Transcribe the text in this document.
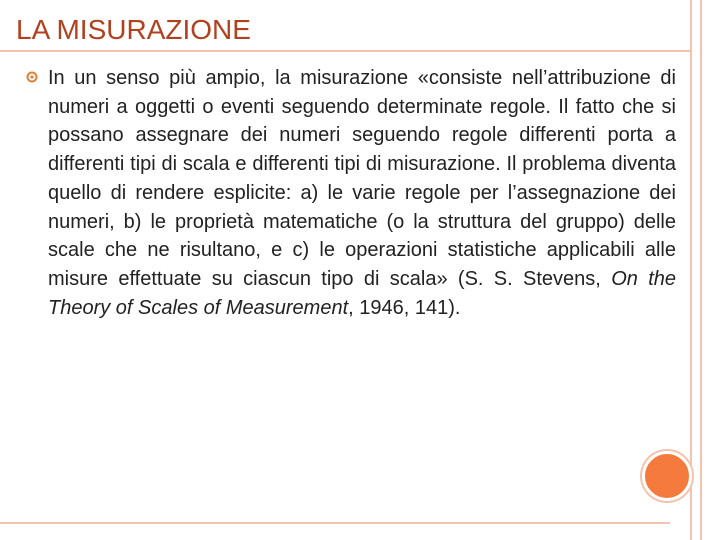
LA MISURAZIONE

In un senso più ampio, la misurazione «consiste nell’attribuzione di numeri a oggetti o eventi seguendo determinate regole. Il fatto che si possano assegnare dei numeri seguendo regole differenti porta a differenti tipi di scala e differenti tipi di misurazione. Il problema diventa quello di rendere esplicite: a) le varie regole per l’assegnazione dei numeri, b) le proprietà matematiche (o la struttura del gruppo) delle scale che ne risultano, e c) le operazioni statistiche applicabili alle misure effettuate su ciascun tipo di scala» (S. S. Stevens, On the Theory of Scales of Measurement, 1946, 141).
